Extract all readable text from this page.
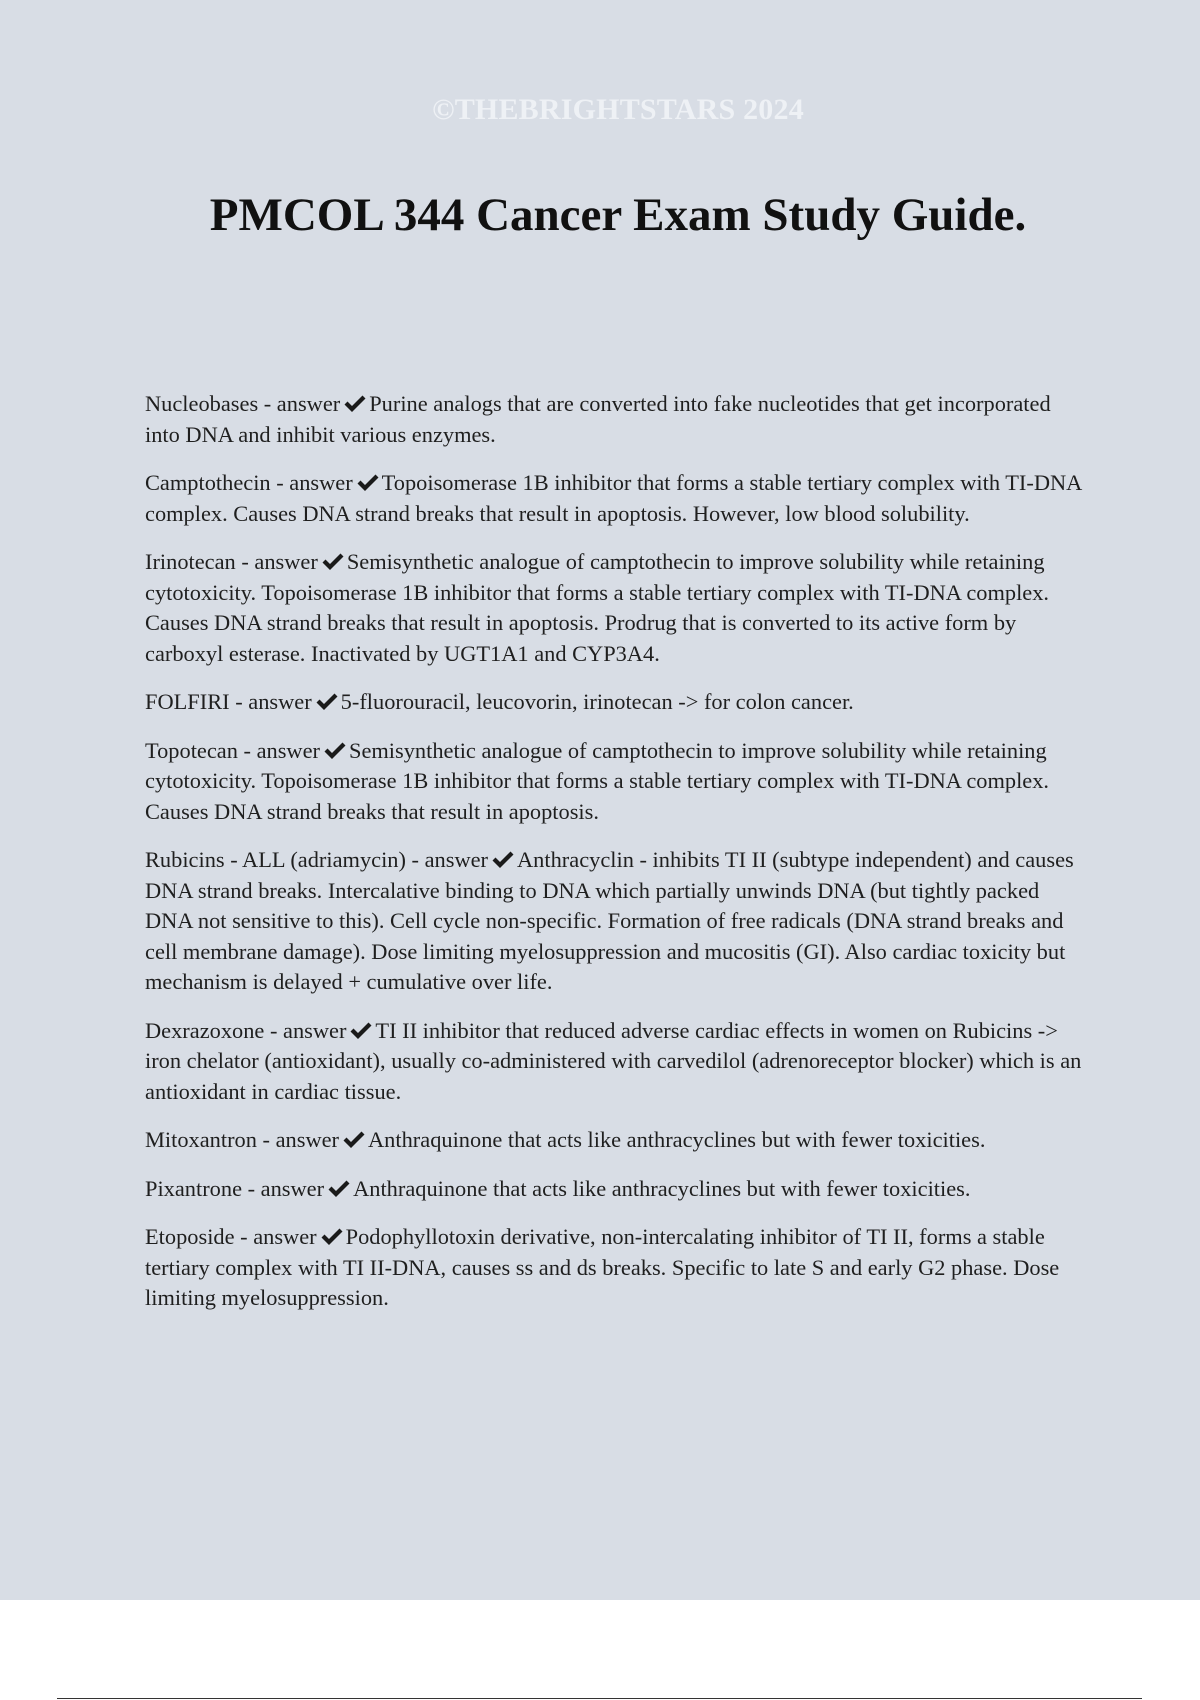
©THEBRIGHTSTARS 2024
PMCOL 344 Cancer Exam Study Guide.

Nucleobases - answer Purine analogs that are converted into fake nucleotides that get incorporated into DNA and inhibit various enzymes.

Camptothecin - answer Topoisomerase 1B inhibitor that forms a stable tertiary complex with TI-DNA complex. Causes DNA strand breaks that result in apoptosis. However, low blood solubility.

Irinotecan - answer Semisynthetic analogue of camptothecin to improve solubility while retaining cytotoxicity. Topoisomerase 1B inhibitor that forms a stable tertiary complex with TI-DNA complex. Causes DNA strand breaks that result in apoptosis. Prodrug that is converted to its active form by carboxyl esterase. Inactivated by UGT1A1 and CYP3A4.

FOLFIRI - answer 5-fluorouracil, leucovorin, irinotecan -> for colon cancer.

Topotecan - answer Semisynthetic analogue of camptothecin to improve solubility while retaining cytotoxicity. Topoisomerase 1B inhibitor that forms a stable tertiary complex with TI-DNA complex. Causes DNA strand breaks that result in apoptosis.

Rubicins - ALL (adriamycin) - answer Anthracyclin - inhibits TI II (subtype independent) and causes DNA strand breaks. Intercalative binding to DNA which partially unwinds DNA (but tightly packed DNA not sensitive to this). Cell cycle non-specific. Formation of free radicals (DNA strand breaks and cell membrane damage). Dose limiting myelosuppression and mucositis (GI). Also cardiac toxicity but mechanism is delayed + cumulative over life.

Dexrazoxone - answer TI II inhibitor that reduced adverse cardiac effects in women on Rubicins -> iron chelator (antioxidant), usually co-administered with carvedilol (adrenoreceptor blocker) which is an antioxidant in cardiac tissue.

Mitoxantron - answer Anthraquinone that acts like anthracyclines but with fewer toxicities.

Pixantrone - answer Anthraquinone that acts like anthracyclines but with fewer toxicities.

Etoposide - answer Podophyllotoxin derivative, non-intercalating inhibitor of TI II, forms a stable tertiary complex with TI II-DNA, causes ss and ds breaks. Specific to late S and early G2 phase. Dose limiting myelosuppression.
